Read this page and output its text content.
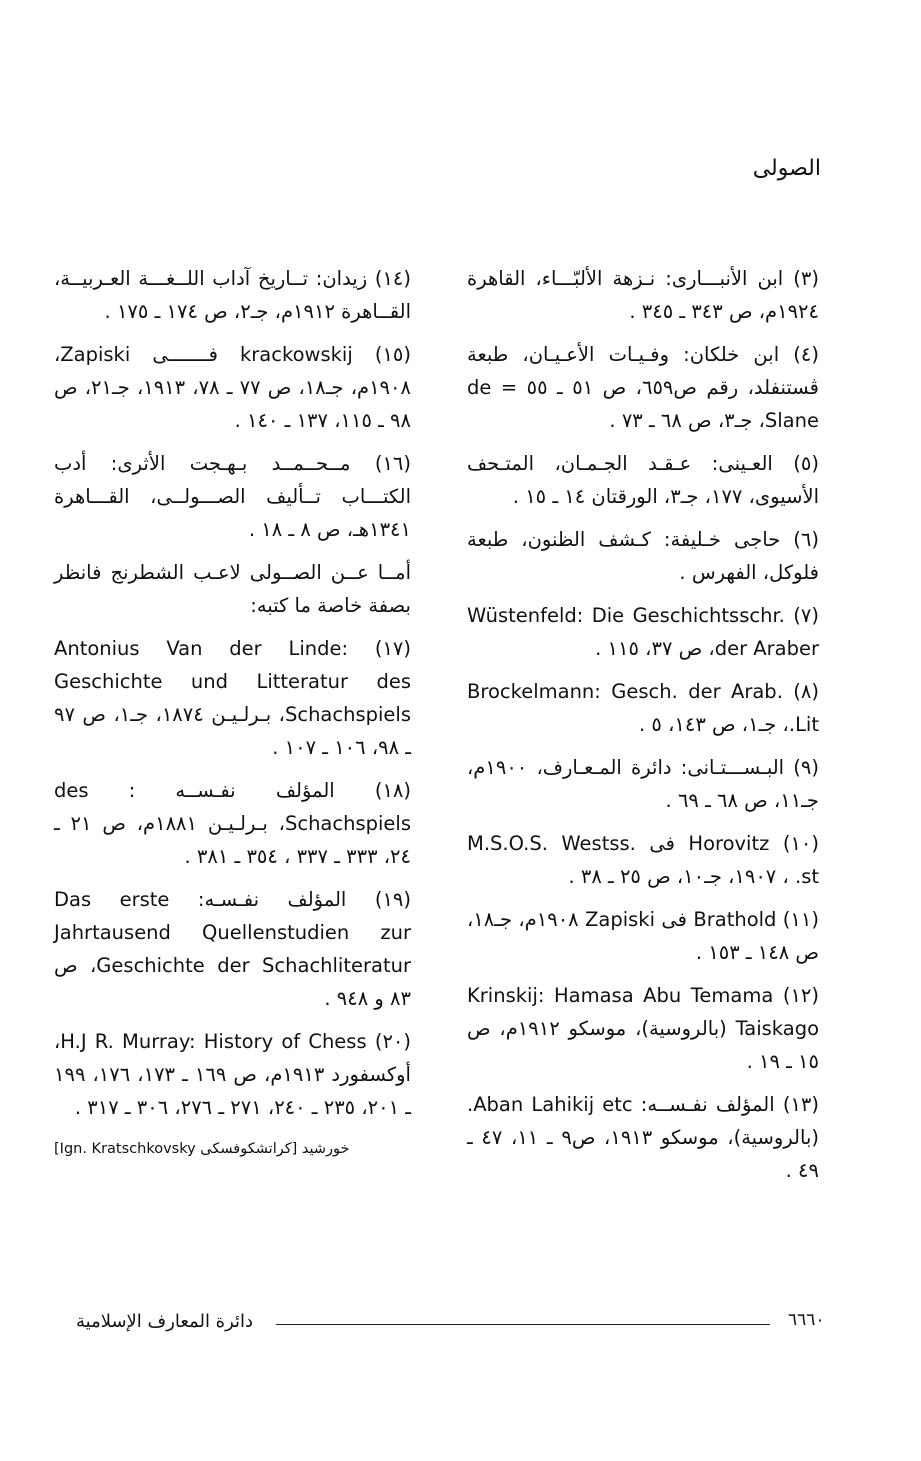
الصولى

(٣) ابن الأنبـــارى: نـزهة الألبّـــاء، القاهرة ١٩٢٤م، ص ٣٤٣ ـ ٣٤٥ .

(٤) ابن خلكان: وفـيـات الأعـيـان، طبعة ڤستنفلد، رقم ص٦٥٩، ص ٥١ ـ ٥٥ = de Slane، جـ٣، ص ٦٨ ـ ٧٣ .

(٥) العـينى: عـقـد الجـمـان، المتـحف الأسيوى، ١٧٧، جـ٣، الورقتان ١٤ ـ ١٥ .

(٦) حاجى خـليفة: كـشف الظنون، طبعة فلوكل، الفهرس .

(٧) Wüstenfeld: Die Geschichtsschr. der Araber، ص ٣٧، ١١٥ .

(٨) Brockelmann: Gesch. der Arab. Lit.، جـ١، ص ١٤٣، ٥ .

(٩) البـســـتـانى: دائرة المـعـارف، ١٩٠٠م، جـ١١، ص ٦٨ ـ ٦٩ .

(١٠) Horovitz فى M.S.O.S. Westss. st. ، ١٩٠٧، جـ١٠، ص ٢٥ ـ ٣٨ .

(١١) Brathold فى Zapiski ١٩٠٨م، جـ١٨، ص ١٤٨ ـ ١٥٣ .

(١٢) Krinskij: Hamasa Abu Temama Taiskago (بالروسية)، موسكو ١٩١٢م، ص ١٥ ـ ١٩ .

(١٣) المؤلف نفـســه: Aban Lahikij etc. (بالروسية)، موسكو ١٩١٣، ص٩ ـ ١١، ٤٧ ـ ٤٩ .

(١٤) زيدان: تــاريخ آداب اللــغـــة العـربيــة، القــاهرة ١٩١٢م، جـ٢، ص ١٧٤ ـ ١٧٥ .

(١٥) krackowskij فـــــــى Zapiski، ١٩٠٨م، جـ١٨، ص ٧٧ ـ ٧٨، ١٩١٣، جـ٢١، ص ٩٨ ـ ١١٥، ١٣٧ ـ ١٤٠ .

(١٦) مــحــمــد بـهـجت الأثرى: أدب الكتـــاب تــأليف الصـــولــى، القـــاهرة ١٣٤١هـ، ص ٨ ـ ١٨ .

أمــا عــن الصــولى لاعـب الشطرنج فانظر بصفة خاصة ما كتبه:

(١٧) Antonius Van der Linde: Geschichte und Litteratur des Schachspiels، بـرلـيـن ١٨٧٤، جـ١، ص ٩٧ ـ ٩٨، ١٠٦ ـ ١٠٧ .

(١٨) المؤلف نفـســه : des Schachspiels، بـرلـيـن ١٨٨١م، ص ٢١ ـ ٢٤، ٣٣٣ ـ ٣٣٧ ، ٣٥٤ ـ ٣٨١ .

(١٩) المؤلف نفـسـه: Das erste Jahrtausend Quellenstudien zur Geschichte der Schachliteratur، ص ٨٣ و ٩٤٨ .

(٢٠) H.J R. Murray: History of Chess، أوكسفورد ١٩١٣م، ص ١٦٩ ـ ١٧٣، ١٧٦، ١٩٩ ـ ٢٠١، ٢٣٥ ـ ٢٤٠، ٢٧١ ـ ٢٧٦، ٣٠٦ ـ ٣١٧ .

خورشيد [كراتشكوفسكى Ign. Kratschkovsky]
دائرة المعارف الإسلامية	٦٦٦٠
